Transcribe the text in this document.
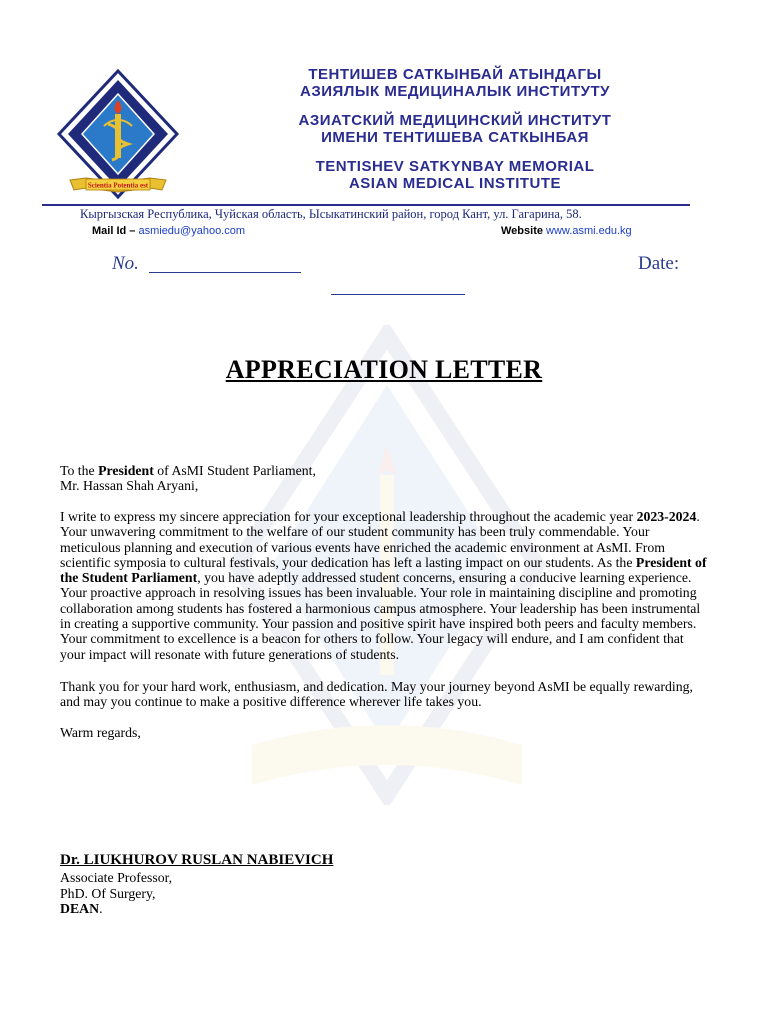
Scientia Potentia est
ТЕНТИШЕВ САТКЫНБАЙ АТЫНДАГЫ
АЗИЯЛЫК МЕДИЦИНАЛЫК ИНСТИТУТУ
АЗИАТСКИЙ МЕДИЦИНСКИЙ ИНСТИТУТ
ИМЕНИ ТЕНТИШЕВА САТКЫНБАЯ
TENTISHEV SATKYNBAY MEMORIAL
ASIAN MEDICAL INSTITUTE
Кыргызская Республика, Чуйская область, Ысыкатинский район, город Кант, ул. Гагарина, 58.
Mail Id – asmiedu@yahoo.com	Website www.asmi.edu.kg
No.	Date:
APPRECIATION LETTER
To the President of AsMI Student Parliament,
Mr. Hassan Shah Aryani,
I write to express my sincere appreciation for your exceptional leadership throughout the academic year 2023-2024. Your unwavering commitment to the welfare of our student community has been truly commendable. Your meticulous planning and execution of various events have enriched the academic environment at AsMI. From scientific symposia to cultural festivals, your dedication has left a lasting impact on our students. As the President of the Student Parliament, you have adeptly addressed student concerns, ensuring a conducive learning experience. Your proactive approach in resolving issues has been invaluable. Your role in maintaining discipline and promoting collaboration among students has fostered a harmonious campus atmosphere. Your leadership has been instrumental in creating a supportive community. Your passion and positive spirit have inspired both peers and faculty members. Your commitment to excellence is a beacon for others to follow. Your legacy will endure, and I am confident that your impact will resonate with future generations of students.
Thank you for your hard work, enthusiasm, and dedication. May your journey beyond AsMI be equally rewarding, and may you continue to make a positive difference wherever life takes you.
Warm regards,
Dr. LIUKHUROV RUSLAN NABIEVICH
Associate Professor,
PhD. Of Surgery,
DEAN.
